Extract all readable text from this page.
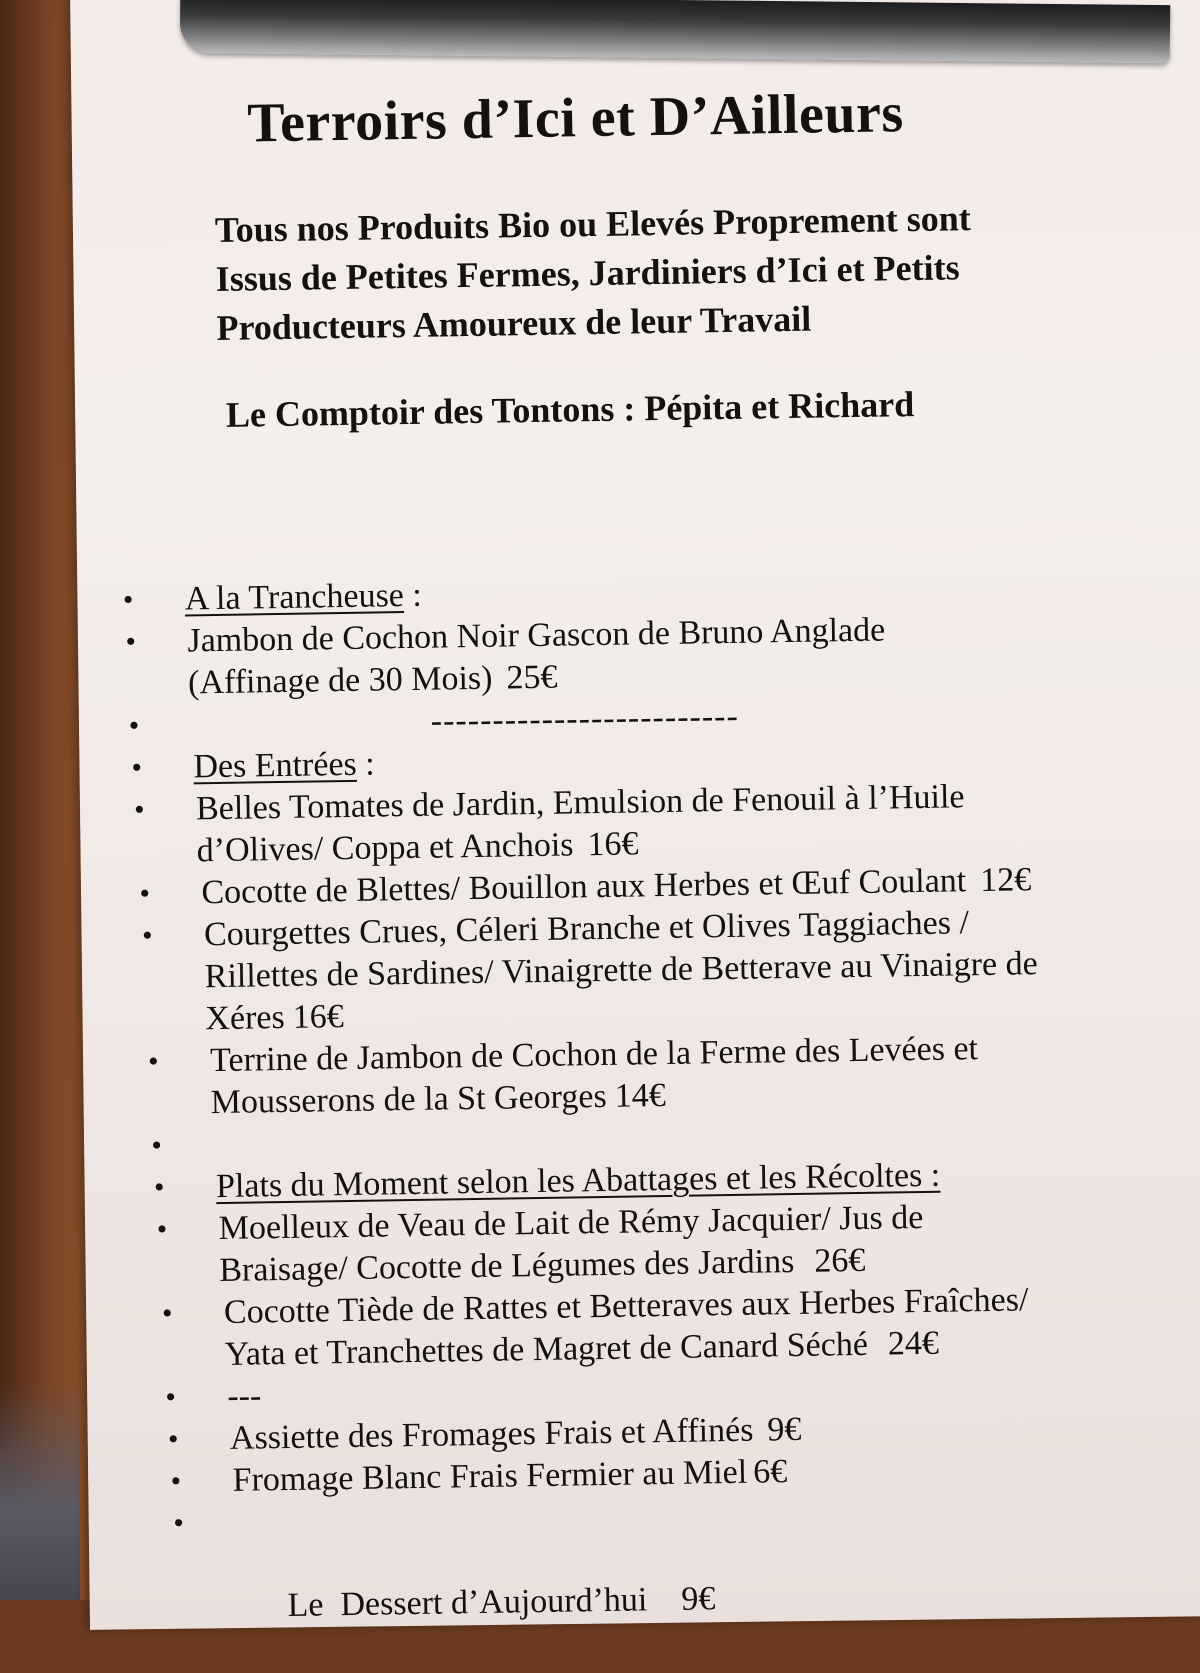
Terroirs d’Ici et D’Ailleurs
Tous nos Produits Bio ou Elevés Proprement sont
Issus de Petites Fermes, Jardiniers d’Ici et Petits
Producteurs Amoureux de leur Travail
Le Comptoir des Tontons : Pépita et Richard
• A la Trancheuse :
• Jambon de Cochon Noir Gascon de Bruno Anglade
(Affinage de 30 Mois) 25€
•	-------------------------
• Des Entrées :
• Belles Tomates de Jardin, Emulsion de Fenouil à l’Huile
d’Olives/ Coppa et Anchois 16€
• Cocotte de Blettes/ Bouillon aux Herbes et Œuf Coulant 12€
• Courgettes Crues, Céleri Branche et Olives Taggiaches /
Rillettes de Sardines/ Vinaigrette de Betterave au Vinaigre de
Xéres 16€
• Terrine de Jambon de Cochon de la Ferme des Levées et
Mousserons de la St Georges 14€
•

• Plats du Moment selon les Abattages et les Récoltes :
• Moelleux de Veau de Lait de Rémy Jacquier/ Jus de
Braisage/ Cocotte de Légumes des Jardins 26€
• Cocotte Tiède de Rattes et Betteraves aux Herbes Fraîches/
Yata et Tranchettes de Magret de Canard Séché 24€
• ---
• Assiette des Fromages Frais et Affinés 9€
• Fromage Blanc Frais Fermier au Miel 6€

•

Le  Dessert d’Aujourd’hui 9€
